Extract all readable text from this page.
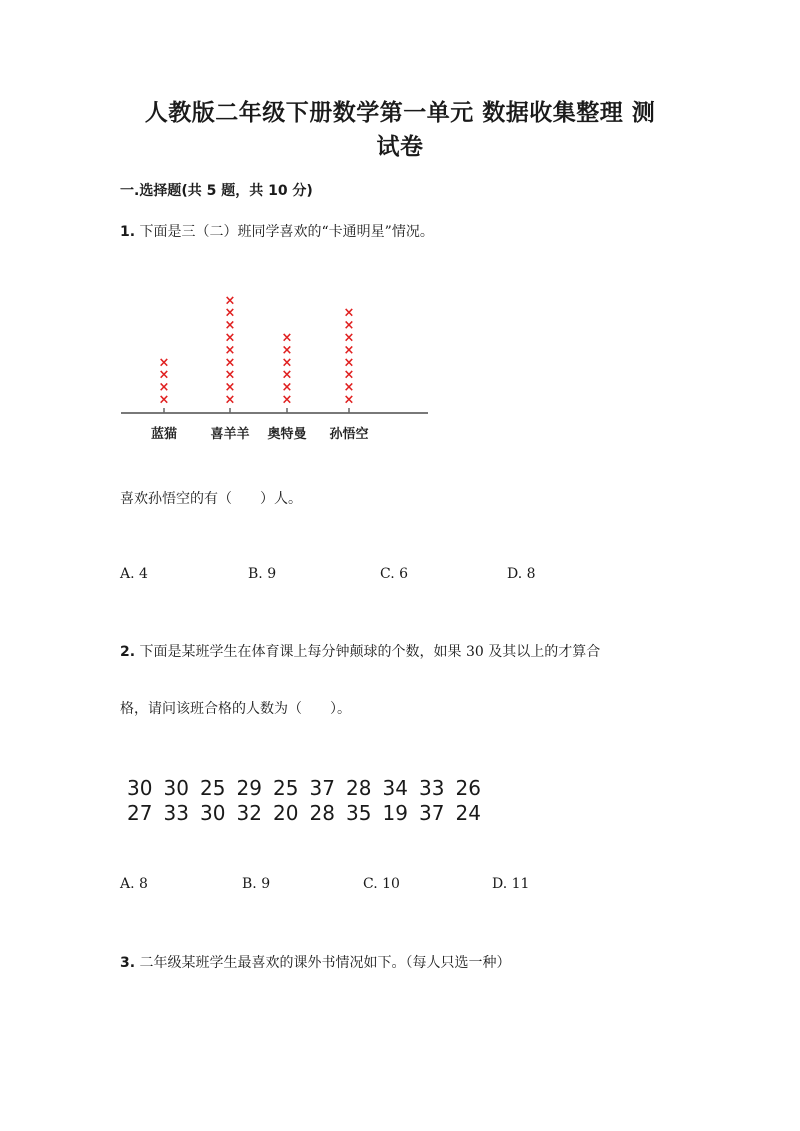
人教版二年级下册数学第一单元 数据收集整理 测
试卷
一.选择题(共 5 题，共 10 分)
1. 下面是三（二）班同学喜欢的“卡通明星”情况。
×
×
×
×
蓝猫
×
×
×
×
×
×
×
×
×
喜羊羊
×
×
×
×
×
×
奥特曼
×
×
×
×
×
×
×
×
孙悟空
喜欢孙悟空的有（　　）人。
A. 4	B. 9	C. 6	D. 8
2. 下面是某班学生在体育课上每分钟颠球的个数，如果 30 及其以上的才算合
格，请问该班合格的人数为（　　）。
30 30 25 29 25 37 28 34 33 26
27 33 30 32 20 28 35 19 37 24
A. 8	B. 9	C. 10	D. 11
3. 二年级某班学生最喜欢的课外书情况如下。（每人只选一种）
